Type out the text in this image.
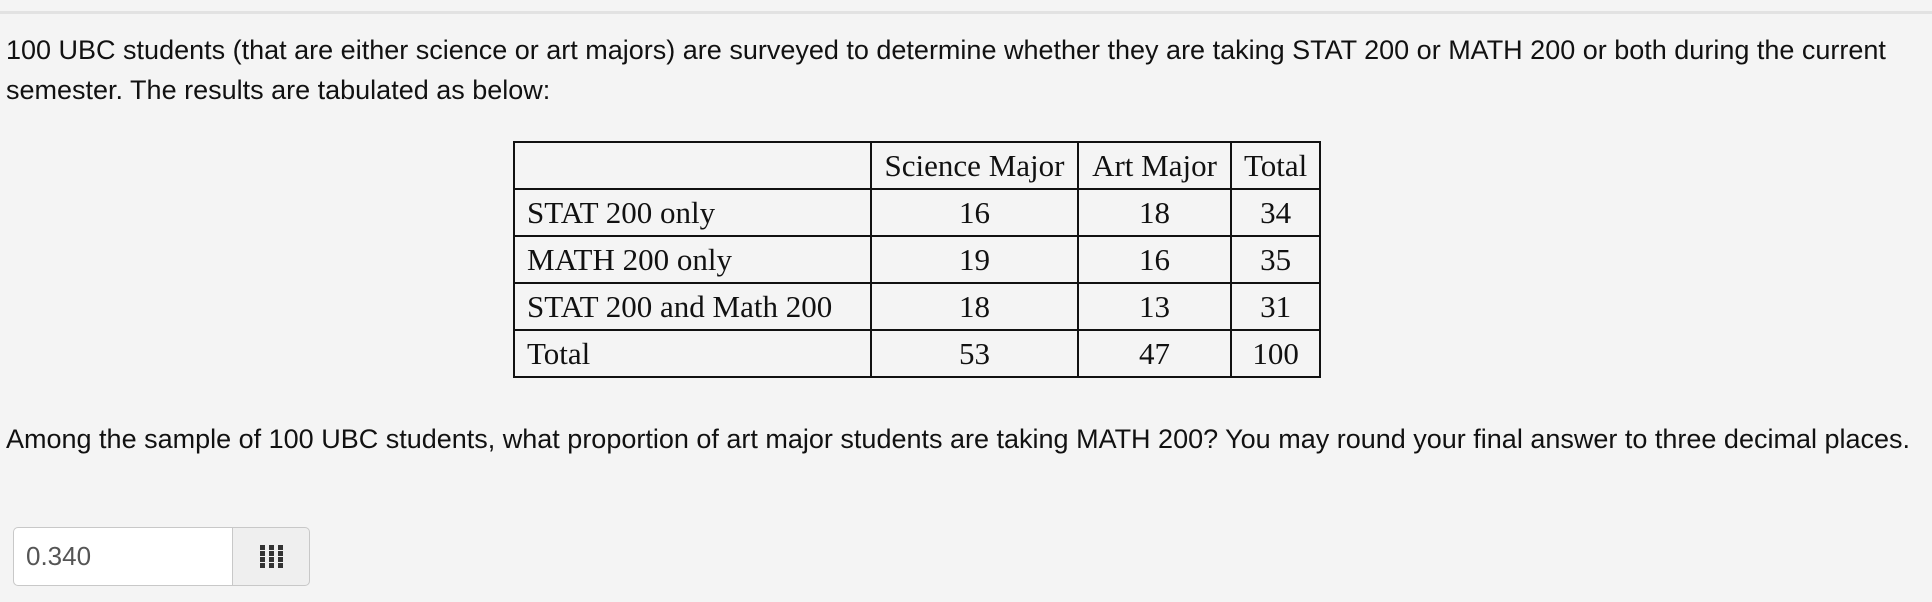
100 UBC students (that are either science or art majors) are surveyed to determine whether they are taking STAT 200 or MATH 200 or both during the current semester. The results are tabulated as below:

	Science Major	Art Major	Total
STAT 200 only	16	18	34
MATH 200 only	19	16	35
STAT 200 and Math 200	18	13	31
Total	53	47	100

Among the sample of 100 UBC students, what proportion of art major students are taking MATH 200? You may round your final answer to three decimal places.

0.340
